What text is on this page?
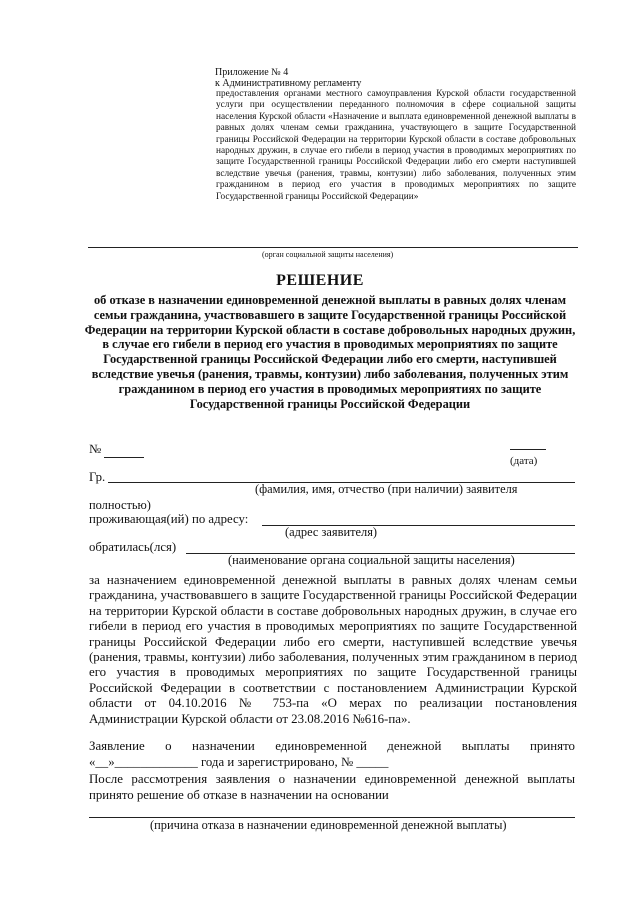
Приложение № 4
к Административному регламенту
предоставления органами местного самоуправления Курской области государственной услуги при осуществлении переданного полномочия в сфере социальной защиты населения Курской области «Назначение и выплата единовременной денежной выплаты в равных долях членам семьи гражданина, участвующего в защите Государственной границы Российской Федерации на территории Курской области в составе добровольных народных дружин, в случае его гибели в период участия в проводимых мероприятиях по защите Государственной границы Российской Федерации либо его смерти наступившей вследствие увечья (ранения, травмы, контузии) либо заболевания, полученных этим гражданином в период его участия в проводимых мероприятиях по защите Государственной границы Российской Федерации»
(орган социальной защиты населения)
РЕШЕНИЕ
об отказе в назначении единовременной денежной выплаты в равных долях членам семьи гражданина, участвовавшего в защите Государственной границы Российской Федерации на территории Курской области в составе добровольных народных дружин, в случае его гибели в период его участия в проводимых мероприятиях по защите Государственной границы Российской Федерации либо его смерти, наступившей вследствие увечья (ранения, травмы, контузии) либо заболевания, полученных этим гражданином в период его участия в проводимых мероприятиях по защите Государственной границы Российской Федерации
№
(дата)
Гр.
(фамилия, имя, отчество (при наличии) заявителя
полностью)
проживающая(ий) по адресу:
(адрес заявителя)
обратилась(лся)
(наименование органа социальной защиты населения)
за назначением единовременной денежной выплаты в равных долях членам семьи гражданина, участвовавшего в защите Государственной границы Российской Федерации на территории Курской области в составе добровольных народных дружин, в случае его гибели в период его участия в проводимых мероприятиях по защите Государственной границы Российской Федерации либо его смерти, наступившей вследствие увечья (ранения, травмы, контузии) либо заболевания, полученных этим гражданином в период его участия в проводимых мероприятиях по защите Государственной границы Российской Федерации в соответствии с постановлением Администрации Курской области от 04.10.2016 № 753-па «О мерах по реализации постановления Администрации Курской области от 23.08.2016 №616-па».
Заявление о назначении единовременной денежной выплаты принято
«__»_____________ года и зарегистрировано, № _____
После рассмотрения заявления о назначении единовременной денежной выплаты
принято решение об отказе в назначении на основании
(причина отказа в назначении единовременной денежной выплаты)
